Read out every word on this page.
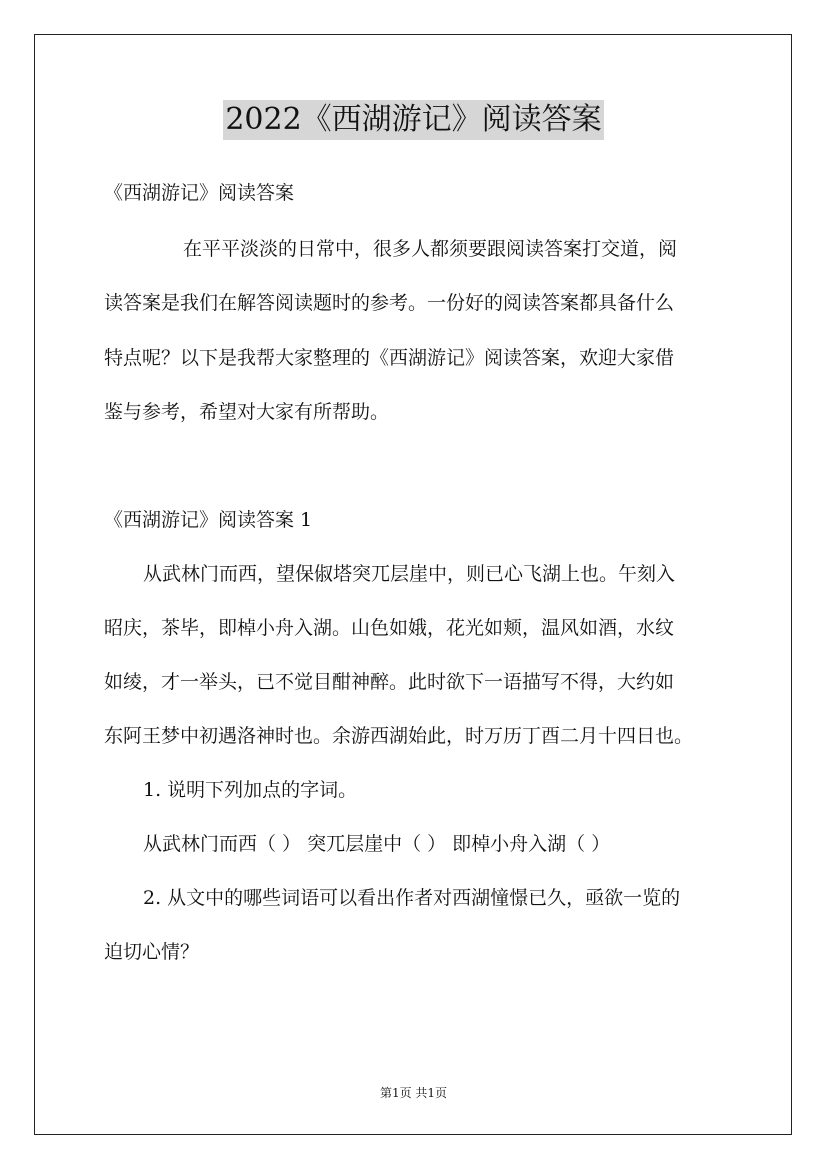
2022《西湖游记》阅读答案
《西湖游记》阅读答案
在平平淡淡的日常中，很多人都须要跟阅读答案打交道，阅
读答案是我们在解答阅读题时的参考。一份好的阅读答案都具备什么
特点呢？以下是我帮大家整理的《西湖游记》阅读答案，欢迎大家借
鉴与参考，希望对大家有所帮助。
《西湖游记》阅读答案 1
从武林门而西，望保俶塔突兀层崖中，则已心飞湖上也。午刻入
昭庆，茶毕，即棹小舟入湖。山色如娥，花光如颊，温风如酒，水纹
如绫，才一举头，已不觉目酣神醉。此时欲下一语描写不得，大约如
东阿王梦中初遇洛神时也。余游西湖始此，时万历丁酉二月十四日也。
1. 说明下列加点的字词。
从武林门而西（ ） 突兀层崖中（ ） 即棹小舟入湖（ ）
2. 从文中的哪些词语可以看出作者对西湖憧憬已久，亟欲一览的
迫切心情？
第1页 共1页
